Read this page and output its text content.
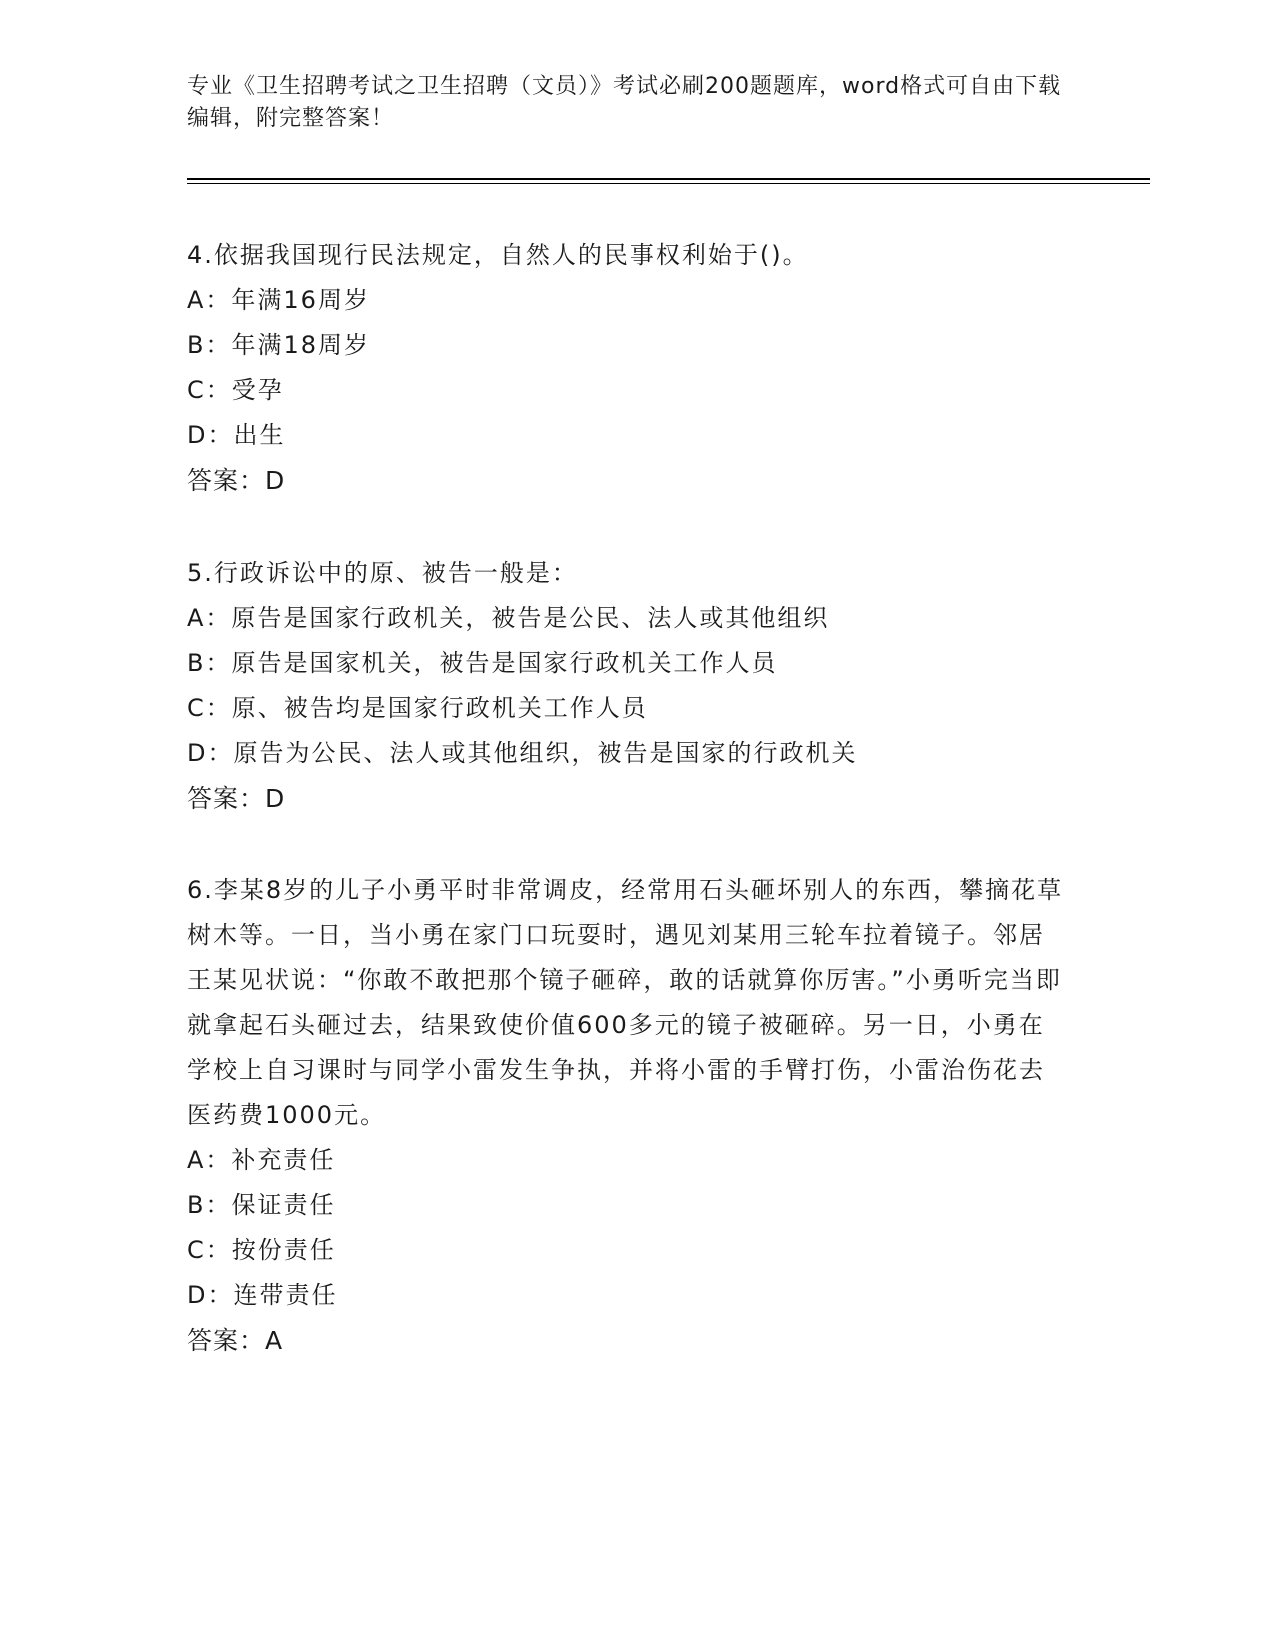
专业《卫生招聘考试之卫生招聘（文员）》考试必刷200题题库，word格式可自由下载编辑，附完整答案！

4.依据我国现行民法规定，自然人的民事权利始于()。

A：年满16周岁

B：年满18周岁

C：受孕

D：出生

答案：D

5.行政诉讼中的原、被告一般是：

A：原告是国家行政机关，被告是公民、法人或其他组织

B：原告是国家机关，被告是国家行政机关工作人员

C：原、被告均是国家行政机关工作人员

D：原告为公民、法人或其他组织，被告是国家的行政机关

答案：D

6.李某8岁的儿子小勇平时非常调皮，经常用石头砸坏别人的东西，攀摘花草树木等。一日，当小勇在家门口玩耍时，遇见刘某用三轮车拉着镜子。邻居王某见状说：“你敢不敢把那个镜子砸碎，敢的话就算你厉害。”小勇听完当即就拿起石头砸过去，结果致使价值600多元的镜子被砸碎。另一日，小勇在学校上自习课时与同学小雷发生争执，并将小雷的手臂打伤，小雷治伤花去医药费1000元。

A：补充责任

B：保证责任

C：按份责任

D：连带责任

答案：A
